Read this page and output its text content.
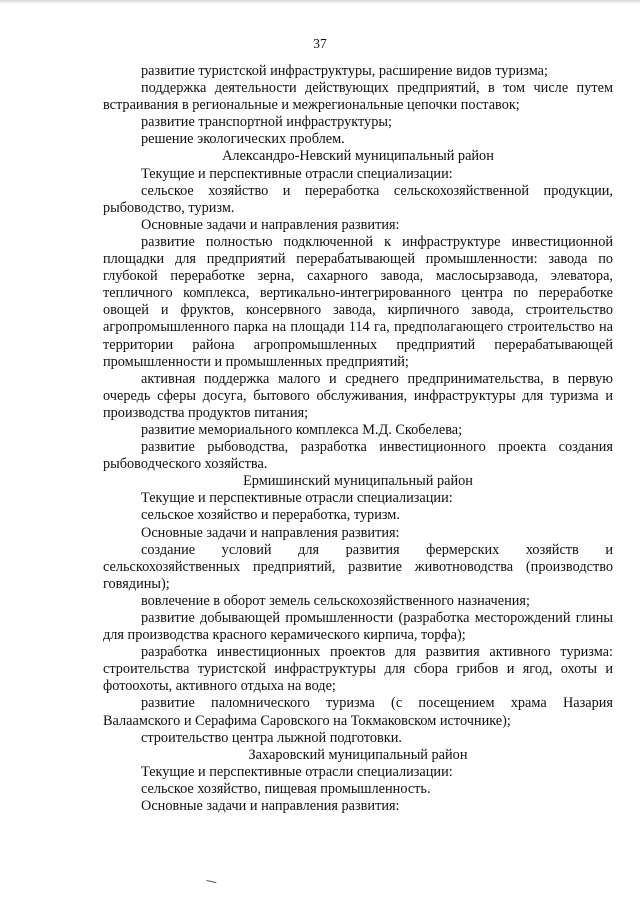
37

развитие туристской инфраструктуры, расширение видов туризма;

поддержка деятельности действующих предприятий, в том числе путем встраивания в региональные и межрегиональные цепочки поставок;

развитие транспортной инфраструктуры;

решение экологических проблем.

Александро-Невский муниципальный район

Текущие и перспективные отрасли специализации:

сельское хозяйство и переработка сельскохозяйственной продукции, рыбоводство, туризм.

Основные задачи и направления развития:

развитие полностью подключенной к инфраструктуре инвестиционной площадки для предприятий перерабатывающей промышленности: завода по глубокой переработке зерна, сахарного завода, маслосырзавода, элеватора, тепличного комплекса, вертикально-интегрированного центра по переработке овощей и фруктов, консервного завода, кирпичного завода, строительство агропромышленного парка на площади 114 га, предполагающего строительство на территории района агропромышленных предприятий перерабатывающей промышленности и промышленных предприятий;

активная поддержка малого и среднего предпринимательства, в первую очередь сферы досуга, бытового обслуживания, инфраструктуры для туризма и производства продуктов питания;

развитие мемориального комплекса М.Д. Скобелева;

развитие рыбоводства, разработка инвестиционного проекта создания рыбоводческого хозяйства.

Ермишинский муниципальный район

Текущие и перспективные отрасли специализации:

сельское хозяйство и переработка, туризм.

Основные задачи и направления развития:

создание условий для развития фермерских хозяйств и сельскохозяйственных предприятий, развитие животноводства (производство говядины);

вовлечение в оборот земель сельскохозяйственного назначения;

развитие добывающей промышленности (разработка месторождений глины для производства красного керамического кирпича, торфа);

разработка инвестиционных проектов для развития активного туризма: строительства туристской инфраструктуры для сбора грибов и ягод, охоты и фотоохоты, активного отдыха на воде;

развитие паломнического туризма (с посещением храма Назария Валаамского и Серафима Саровского на Токмаковском источнике);

строительство центра лыжной подготовки.

Захаровский муниципальный район

Текущие и перспективные отрасли специализации:

сельское хозяйство, пищевая промышленность.

Основные задачи и направления развития:
